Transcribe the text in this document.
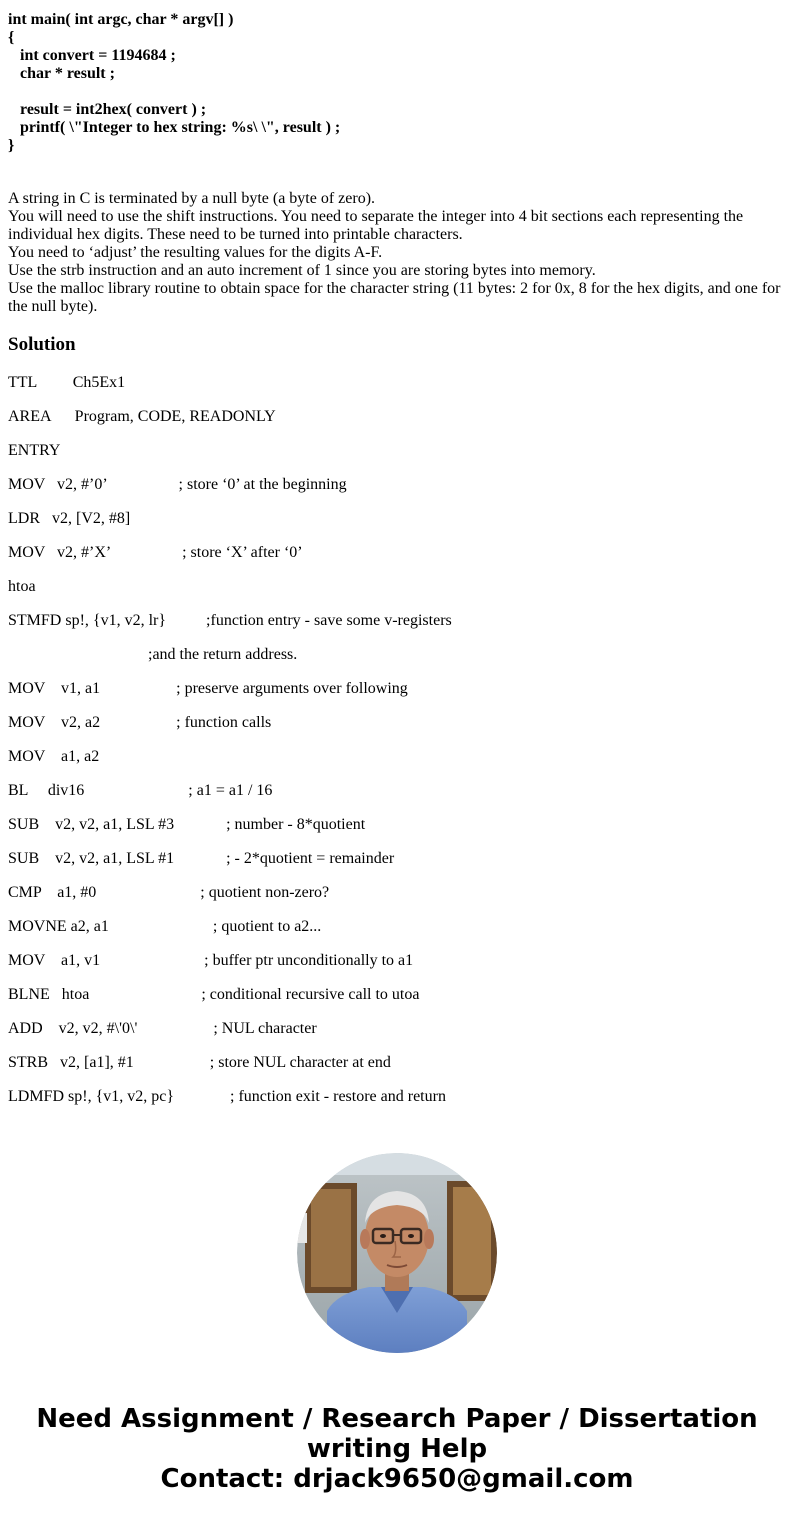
int main( int argc, char * argv[] )
{
int convert = 1194684 ;
char * result ;
result = int2hex( convert ) ;
printf( \"Integer to hex string: %s\ \", result ) ;
}

A string in C is terminated by a null byte (a byte of zero).

You will need to use the shift instructions. You need to separate the integer into 4 bit sections each representing the individual hex digits. These need to be turned into printable characters.

You need to ‘adjust’ the resulting values for the digits A-F.

Use the strb instruction and an auto increment of 1 since you are storing bytes into memory.

Use the malloc library routine to obtain space for the character string (11 bytes: 2 for 0x, 8 for the hex digits, and one for the null byte).

Solution
TTL         Ch5Ex1
AREA      Program, CODE, READONLY
ENTRY
MOV   v2, #’0’                  ; store ‘0’ at the beginning
LDR   v2, [V2, #8]
MOV   v2, #’X’                  ; store ‘X’ after ‘0’
htoa
STMFD sp!, {v1, v2, lr}          ;function entry - save some v-registers
;and the return address.
MOV    v1, a1                   ; preserve arguments over following
MOV    v2, a2                   ; function calls
MOV    a1, a2
BL     div16                          ; a1 = a1 / 16
SUB    v2, v2, a1, LSL #3             ; number - 8*quotient
SUB    v2, v2, a1, LSL #1             ; - 2*quotient = remainder
CMP    a1, #0                          ; quotient non-zero?
MOVNE a2, a1                          ; quotient to a2...
MOV    a1, v1                          ; buffer ptr unconditionally to a1
BLNE   htoa                            ; conditional recursive call to utoa
ADD    v2, v2, #\'0\'                   ; NUL character
STRB   v2, [a1], #1                   ; store NUL character at end
LDMFD sp!, {v1, v2, pc}              ; function exit - restore and return
Need Assignment / Research Paper / Dissertation
writing Help
Contact: drjack9650@gmail.com
